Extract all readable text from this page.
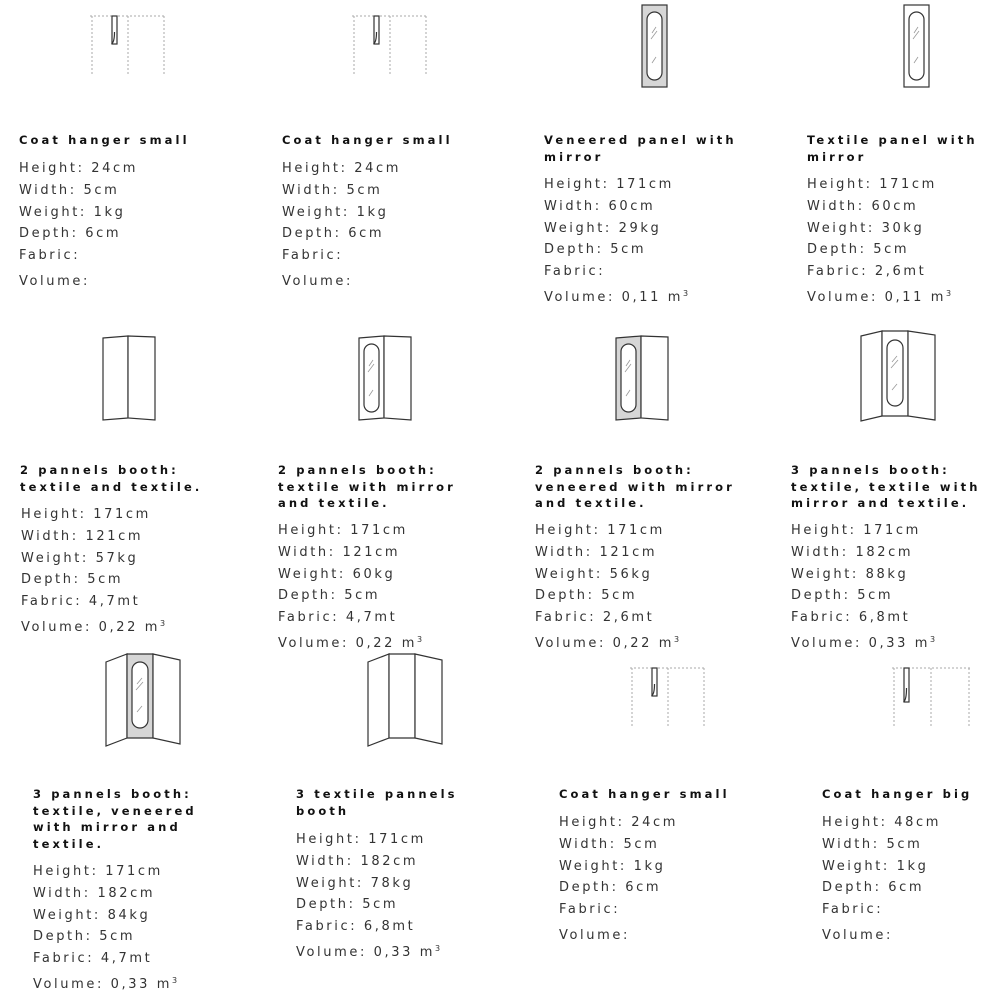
Coat hanger small
Height: 24cm
Width: 5cm
Weight: 1kg
Depth: 6cm
Fabric:
Volume:
Coat hanger small
Height: 24cm
Width: 5cm
Weight: 1kg
Depth: 6cm
Fabric:
Volume:
Veneered panel with
mirror
Height: 171cm
Width: 60cm
Weight: 29kg
Depth: 5cm
Fabric:
Volume: 0,11 $m^3$
Textile panel with
mirror
Height: 171cm
Width: 60cm
Weight: 30kg
Depth: 5cm
Fabric: 2,6mt
Volume: 0,11 $m^3$
2 pannels booth:
textile and textile.
Height: 171cm
Width: 121cm
Weight: 57kg
Depth: 5cm
Fabric: 4,7mt
Volume: 0,22 $m^3$
2 pannels booth:
textile with mirror
and textile.
Height: 171cm
Width: 121cm
Weight: 60kg
Depth: 5cm
Fabric: 4,7mt
Volume: 0,22 $m^3$
2 pannels booth:
veneered with mirror
and textile.
Height: 171cm
Width: 121cm
Weight: 56kg
Depth: 5cm
Fabric: 2,6mt
Volume: 0,22 $m^3$
3 pannels booth:
textile, textile with
mirror and textile.
Height: 171cm
Width: 182cm
Weight: 88kg
Depth: 5cm
Fabric: 6,8mt
Volume: 0,33 $m^3$
3 pannels booth:
textile, veneered
with mirror and
textile.
Height: 171cm
Width: 182cm
Weight: 84kg
Depth: 5cm
Fabric: 4,7mt
Volume: 0,33 $m^3$
3 textile pannels
booth
Height: 171cm
Width: 182cm
Weight: 78kg
Depth: 5cm
Fabric: 6,8mt
Volume: 0,33 $m^3$
Coat hanger small
Height: 24cm
Width: 5cm
Weight: 1kg
Depth: 6cm
Fabric:
Volume:
Coat hanger big
Height: 48cm
Width: 5cm
Weight: 1kg
Depth: 6cm
Fabric:
Volume:
